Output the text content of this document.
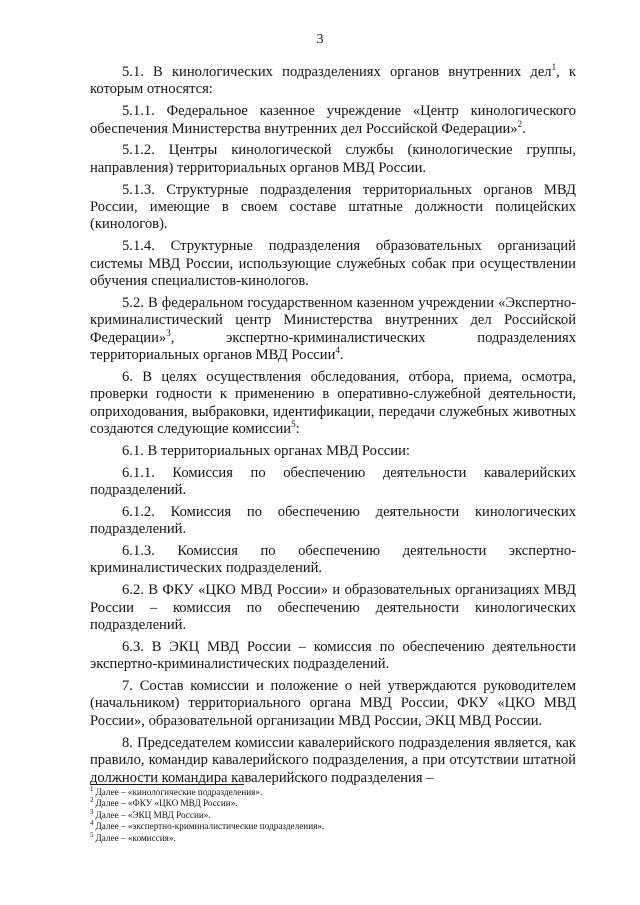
3

5.1. В кинологических подразделениях органов внутренних дел$^1$, к которым относятся:

5.1.1. Федеральное казенное учреждение «Центр кинологического обеспечения Министерства внутренних дел Российской Федерации»$^2$.

5.1.2. Центры кинологической службы (кинологические группы, направления) территориальных органов МВД России.

5.1.3. Структурные подразделения территориальных органов МВД России, имеющие в своем составе штатные должности полицейских (кинологов).

5.1.4. Структурные подразделения образовательных организаций системы МВД России, использующие служебных собак при осуществлении обучения специалистов-кинологов.

5.2. В федеральном государственном казенном учреждении «Экспертно-криминалистический центр Министерства внутренних дел Российской Федерации»$^3$, экспертно-криминалистических подразделениях территориальных органов МВД России$^4$.

6. В целях осуществления обследования, отбора, приема, осмотра, проверки годности к применению в оперативно-служебной деятельности, оприходования, выбраковки, идентификации, передачи служебных животных создаются следующие комиссии$^5$:

6.1. В территориальных органах МВД России:

6.1.1. Комиссия по обеспечению деятельности кавалерийских подразделений.

6.1.2. Комиссия по обеспечению деятельности кинологических подразделений.

6.1.3. Комиссия по обеспечению деятельности экспертно-криминалистических подразделений.

6.2. В ФКУ «ЦКО МВД России» и образовательных организациях МВД России – комиссия по обеспечению деятельности кинологических подразделений.

6.3. В ЭКЦ МВД России – комиссия по обеспечению деятельности экспертно-криминалистических подразделений.

7. Состав комиссии и положение о ней утверждаются руководителем (начальником) территориального органа МВД России, ФКУ «ЦКО МВД России», образовательной организации МВД России, ЭКЦ МВД России.

8. Председателем комиссии кавалерийского подразделения является, как правило, командир кавалерийского подразделения, а при отсутствии штатной должности командира кавалерийского подразделения –

$^1$ Далее – «кинологические подразделения».
$^2$ Далее – «ФКУ «ЦКО МВД России».
$^3$ Далее – «ЭКЦ МВД России».
$^4$ Далее – «экспертно-криминалистические подразделения».
$^5$ Далее – «комиссия».
